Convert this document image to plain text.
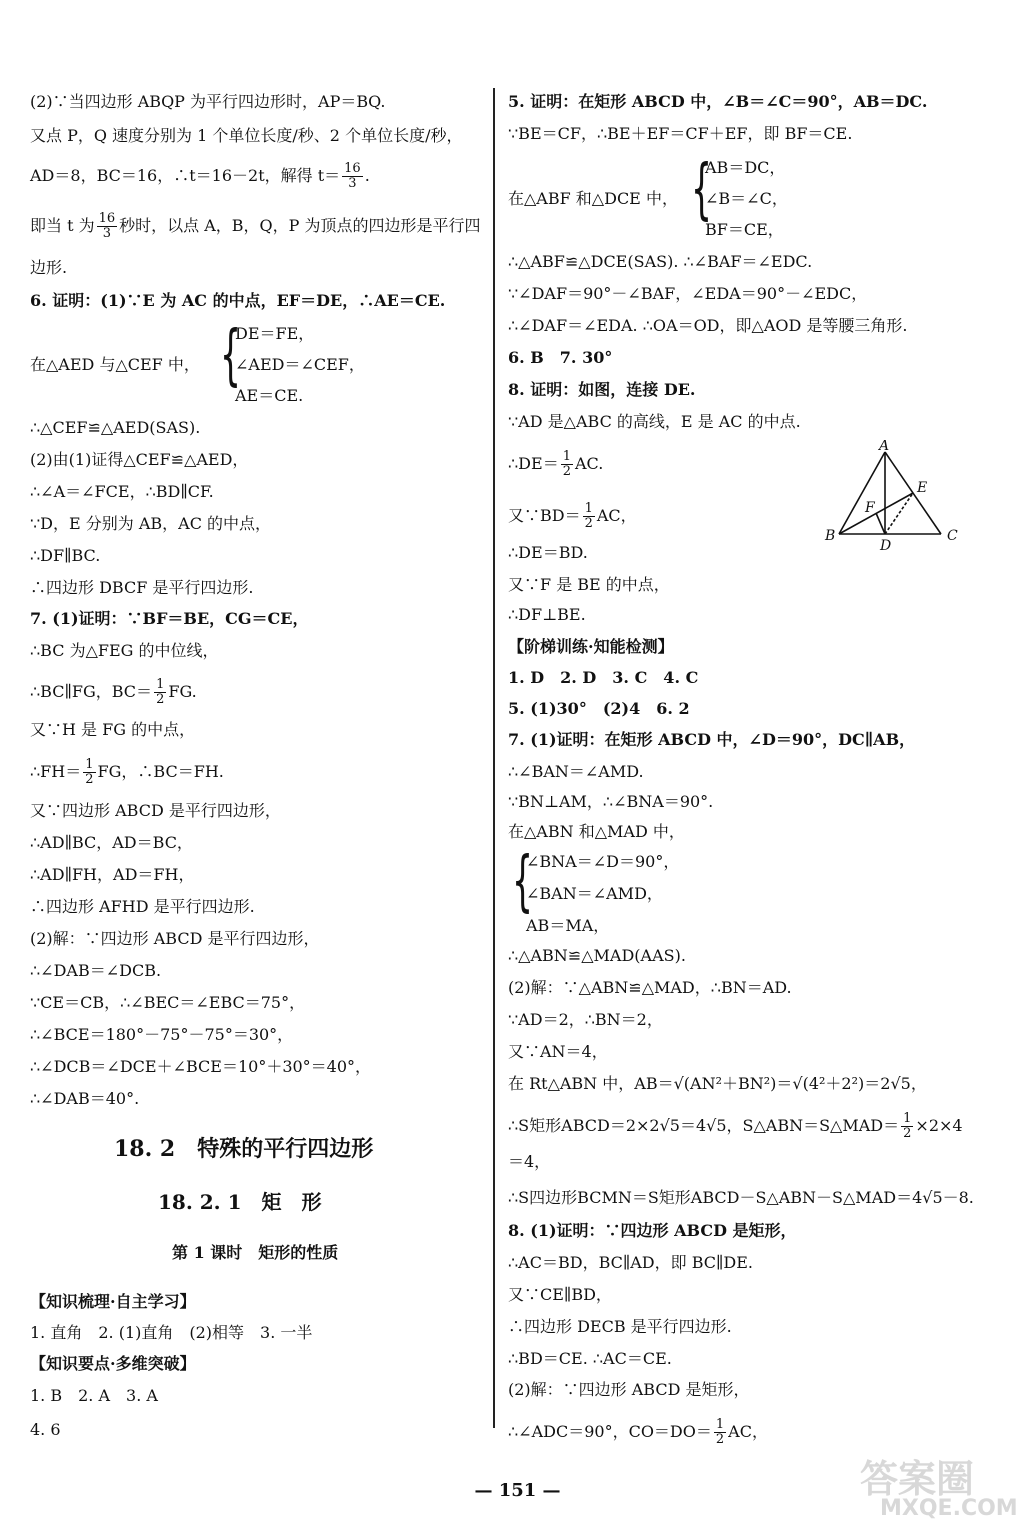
(2)∵当四边形 ABQP 为平行四边形时，AP＝BQ.
又点 P，Q 速度分别为 1 个单位长度/秒、2 个单位长度/秒，
AD＝8，BC＝16，∴t＝16－2t，解得 $t= \frac{16}{3}$ .
即当 t 为 $\frac{16}{3}$ 秒时，以点 A，B，Q，P 为顶点的四边形是平行四
边形.
6. 证明：(1)∵E 为 AC 的中点，EF＝DE，∴AE＝CE.
DE＝FE，
在△AED 与△CEF 中， {
∠AED＝∠CEF，
AE＝CE.
∴△CEF≌△AED(SAS).
(2)由(1)证得△CEF≌△AED，
∴∠A＝∠FCE，∴BD∥CF.
∵D，E 分别为 AB，AC 的中点，
∴DF∥BC.
∴四边形 DBCF 是平行四边形.
7. (1)证明：∵BF＝BE，CG＝CE，
∴BC 为△FEG 的中位线，
∴BC∥FG，$BC= \frac{1}{2}$ FG.
又∵H 是 FG 的中点，
∴FH＝ $\frac{1}{2}$ FG，∴BC＝FH.
又∵四边形 ABCD 是平行四边形，
∴AD∥BC，AD＝BC，
∴AD∥FH，AD＝FH，
∴四边形 AFHD 是平行四边形.
(2)解：∵四边形 ABCD 是平行四边形，
∴∠DAB＝∠DCB.
∵CE＝CB，∴∠BEC＝∠EBC＝75°，
∴∠BCE＝180°－75°－75°＝30°，
∴∠DCB＝∠DCE＋∠BCE＝10°＋30°＝40°，
∴∠DAB＝40°.
18. 2　特殊的平行四边形
18. 2. 1　矩　形
第 1 课时　矩形的性质
【知识梳理·自主学习】
1. 直角　2. (1)直角　(2)相等　3. 一半
【知识要点·多维突破】
1. B　2. A　3. A
4. 6
5. 证明：在矩形 ABCD 中，∠B＝∠C＝90°，AB＝DC.
∵BE＝CF，∴BE＋EF＝CF＋EF，即 BF＝CE.
AB＝DC，
在△ABF 和△DCE 中， {
∠B＝∠C，
BF＝CE，
∴△ABF≌△DCE(SAS). ∴∠BAF＝∠EDC.
∵∠DAF＝90°－∠BAF，∠EDA＝90°－∠EDC，
∴∠DAF＝∠EDA. ∴OA＝OD，即△AOD 是等腰三角形.
6. B　7. 30°
8. 证明：如图，连接 DE.
∵AD 是△ABC 的高线，E 是 AC 的中点.
∴DE＝ $\frac{1}{2}$ AC.
又∵BD＝ $\frac{1}{2}$ AC，
A
B	C
D
E
F
∴DE＝BD.
又∵F 是 BE 的中点，
∴DF⊥BE.
【阶梯训练·知能检测】
1. D　2. D　3. C　4. C
5. (1)30°　(2)4　6. 2
7. (1)证明：在矩形 ABCD 中，∠D＝90°，DC∥AB，
∴∠BAN＝∠AMD.
∵BN⊥AM，∴∠BNA＝90°.
在△ABN 和△MAD 中，
{
∠BNA＝∠D＝90°，
∠BAN＝∠AMD，
AB＝MA，
∴△ABN≌△MAD(AAS).
(2)解：∵△ABN≌△MAD，∴BN＝AD.
∵AD＝2，∴BN＝2，
又∵AN＝4，
在 Rt△ABN 中，AB＝√(AN²＋BN²)＝√(4²＋2²)＝2√5，
∴S矩形ABCD＝2×2√5＝4√5，S△ABN＝S△MAD＝ $\frac{1}{2} \times 2\times 4$
＝4，
∴S四边形BCMN＝S矩形ABCD－S△ABN－S△MAD＝4√5－8.
8. (1)证明：∵四边形 ABCD 是矩形，
∴AC＝BD，BC∥AD，即 BC∥DE.
又∵CE∥BD，
∴四边形 DECB 是平行四边形.
∴BD＝CE. ∴AC＝CE.
(2)解：∵四边形 ABCD 是矩形，
∴∠ADC＝90°，$CO=DO= \frac{1}{2}$ AC，
— 151 —	答案圈
MXQE.COM
